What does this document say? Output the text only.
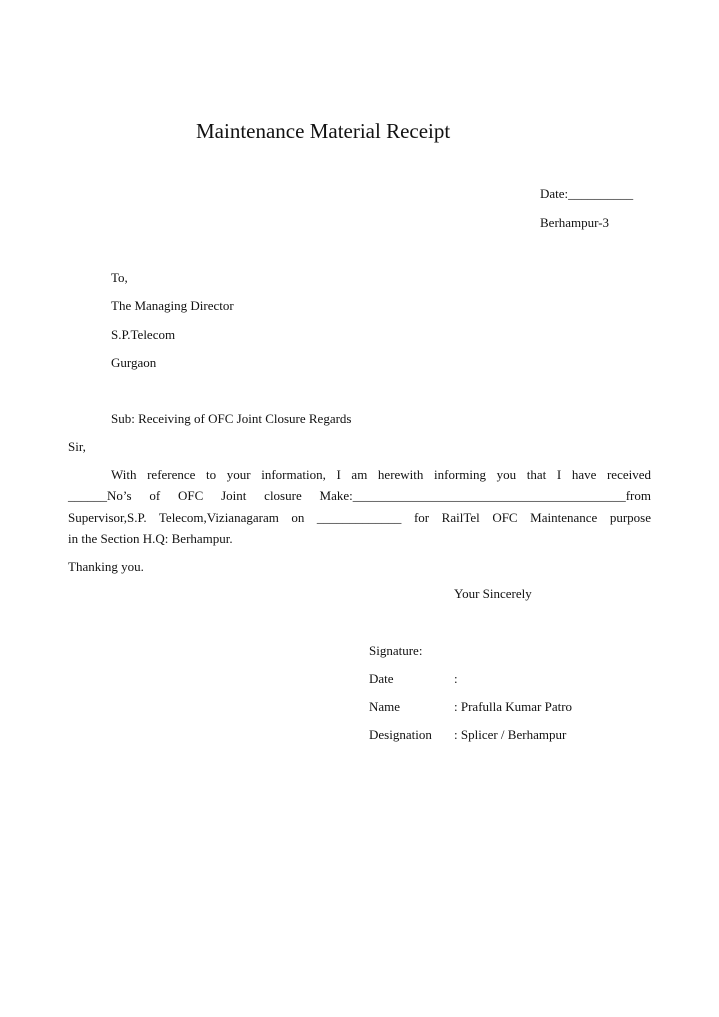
Maintenance Material Receipt
Date:__________
Berhampur-3
To,
The Managing Director
S.P.Telecom
Gurgaon
Sub: Receiving of OFC Joint Closure Regards
Sir,
With reference to your information, I am herewith informing you that I have received
______No’s of OFC Joint closure Make:__________________________________________from
Supervisor,S.P. Telecom,Vizianagaram on _____________ for RailTel OFC Maintenance purpose
in the Section H.Q: Berhampur.
Thanking you.
Your Sincerely
Signature:
Date	:
Name	: Prafulla Kumar Patro
Designation : Splicer / Berhampur
